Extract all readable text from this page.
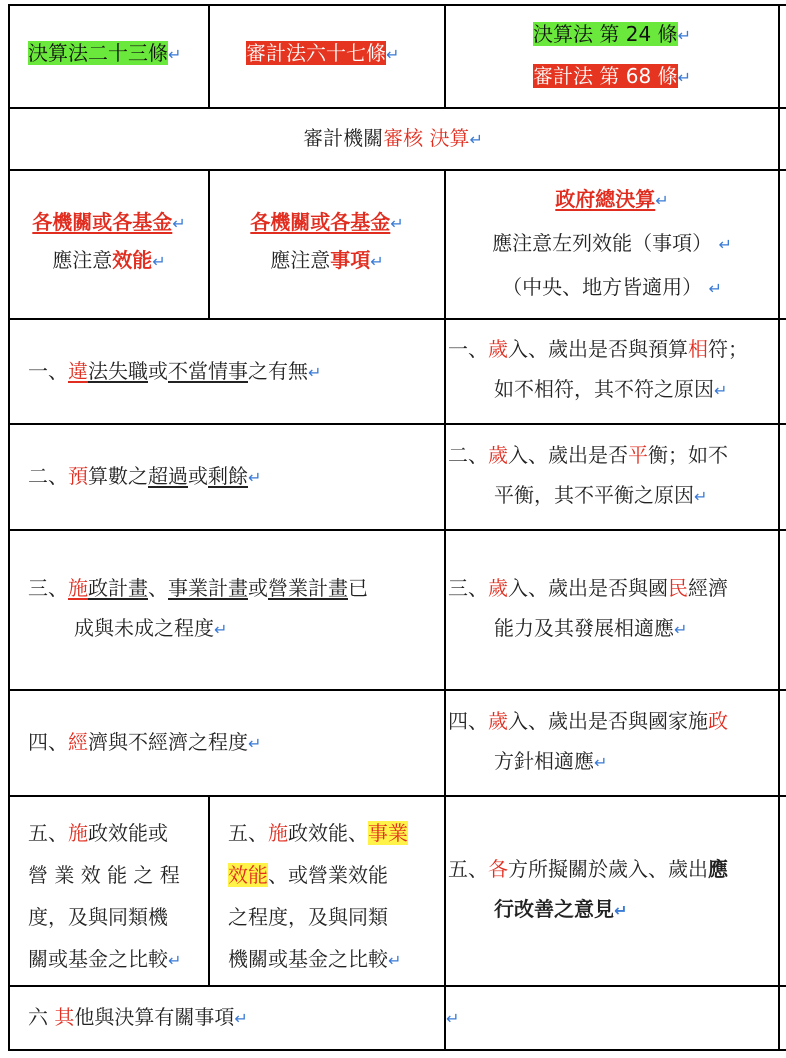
決算法二十三條↵	審計法六十七條↵
決算法 第 24 條↵
審計法 第 68 條↵
審計機關審核 決算↵
各機關或各基金↵
應注意效能↵
各機關或各基金↵
應注意事項↵
政府總決算↵
應注意左列效能（事項） ↵
（中央、地方皆適用） ↵
一、違法失職或不當情事之有無↵
一、歲入、歲出是否與預算相符；
如不相符，其不符之原因↵
二、預算數之超過或剩餘↵
二、歲入、歲出是否平衡；如不
平衡，其不平衡之原因↵
三、施政計畫、事業計畫或營業計畫已
成與未成之程度↵
三、歲入、歲出是否與國民經濟
能力及其發展相適應↵
四、經濟與不經濟之程度↵
四、歲入、歲出是否與國家施政
方針相適應↵
五、施政效能或
營 業 效 能 之 程
度，及與同類機
關或基金之比較↵
五、施政效能、事業
效能、或營業效能
之程度，及與同類
機關或基金之比較↵
五、各方所擬關於歲入、歲出應
行改善之意見↵
六 其他與決算有關事項↵	↵
